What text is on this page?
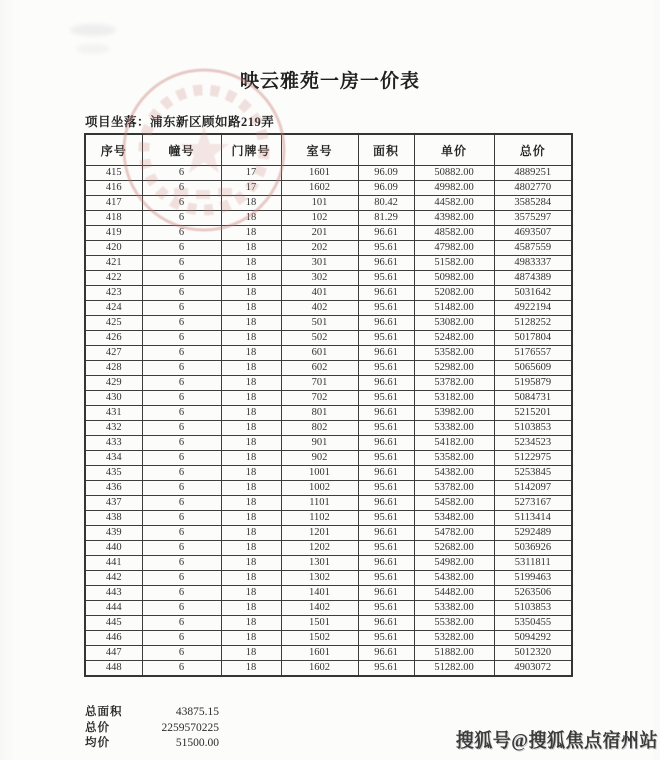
映云雅苑一房一价表
项目坐落：浦东新区顾如路219弄
序号	幢号	门牌号	室号	面积	单价	总价
415	6	17	1601	96.09	50882.00	4889251
416	6	17	1602	96.09	49982.00	4802770
417	6	18	101	80.42	44582.00	3585284
418	6	18	102	81.29	43982.00	3575297
419	6	18	201	96.61	48582.00	4693507
420	6	18	202	95.61	47982.00	4587559
421	6	18	301	96.61	51582.00	4983337
422	6	18	302	95.61	50982.00	4874389
423	6	18	401	96.61	52082.00	5031642
424	6	18	402	95.61	51482.00	4922194
425	6	18	501	96.61	53082.00	5128252
426	6	18	502	95.61	52482.00	5017804
427	6	18	601	96.61	53582.00	5176557
428	6	18	602	95.61	52982.00	5065609
429	6	18	701	96.61	53782.00	5195879
430	6	18	702	95.61	53182.00	5084731
431	6	18	801	96.61	53982.00	5215201
432	6	18	802	95.61	53382.00	5103853
433	6	18	901	96.61	54182.00	5234523
434	6	18	902	95.61	53582.00	5122975
435	6	18	1001	96.61	54382.00	5253845
436	6	18	1002	95.61	53782.00	5142097
437	6	18	1101	96.61	54582.00	5273167
438	6	18	1102	95.61	53482.00	5113414
439	6	18	1201	96.61	54782.00	5292489
440	6	18	1202	95.61	52682.00	5036926
441	6	18	1301	96.61	54982.00	5311811
442	6	18	1302	95.61	54382.00	5199463
443	6	18	1401	96.61	54482.00	5263506
444	6	18	1402	95.61	53382.00	5103853
445	6	18	1501	96.61	55382.00	5350455
446	6	18	1502	95.61	53282.00	5094292
447	6	18	1601	96.61	51882.00	5012320
448	6	18	1602	95.61	51282.00	4903072
总面积	43875.15
总价	2259570225
均价	51500.00	搜狐号@搜狐焦点宿州站
